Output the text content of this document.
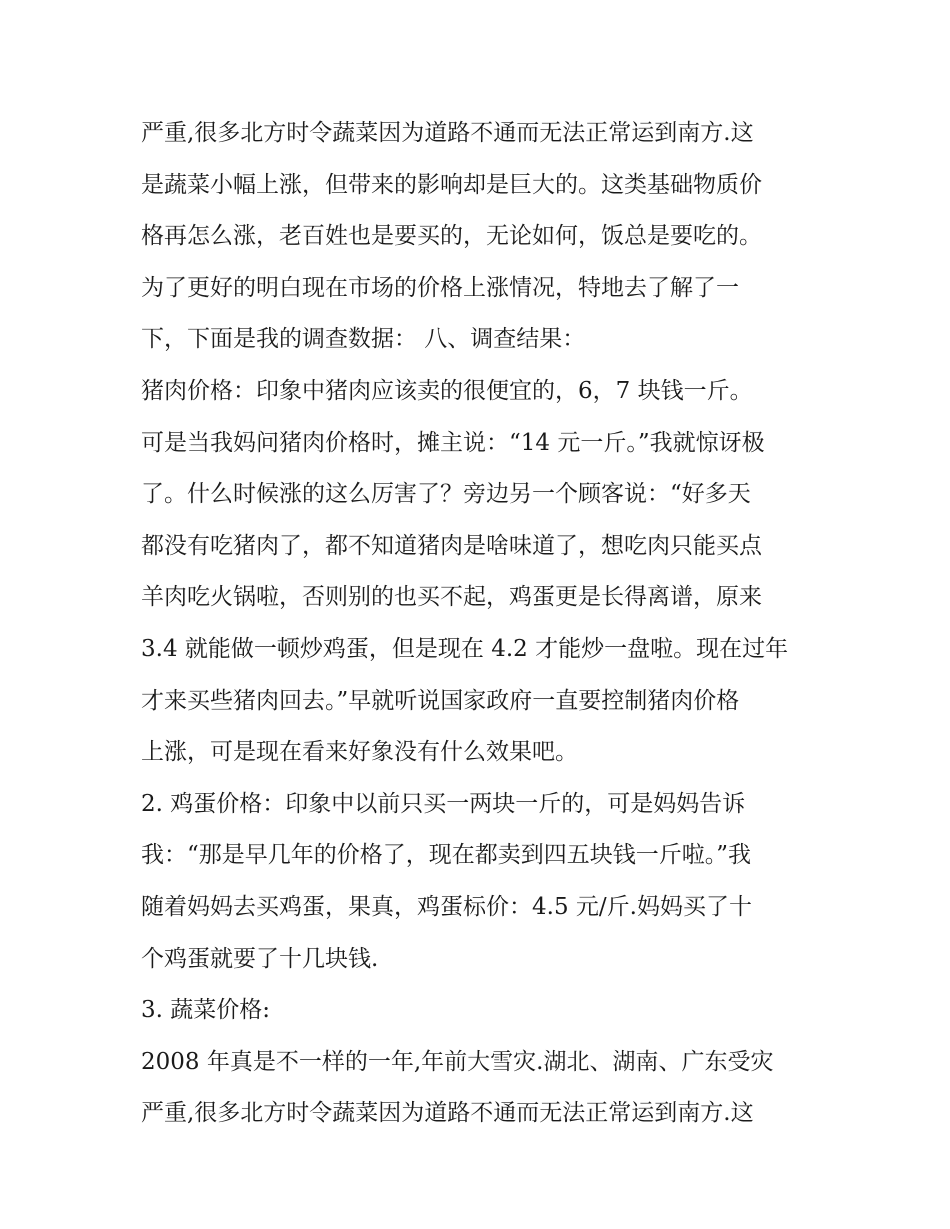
严重,很多北方时令蔬菜因为道路不通而无法正常运到南方.这
是蔬菜小幅上涨，但带来的影响却是巨大的。这类基础物质价
格再怎么涨，老百姓也是要买的，无论如何，饭总是要吃的。
为了更好的明白现在市场的价格上涨情况，特地去了解了一
下，下面是我的调查数据： 八、调查结果：
猪肉价格：印象中猪肉应该卖的很便宜的，6，7 块钱一斤。
可是当我妈问猪肉价格时，摊主说：“14 元一斤。”我就惊讶极
了。什么时候涨的这么厉害了？旁边另一个顾客说：“好多天
都没有吃猪肉了，都不知道猪肉是啥味道了，想吃肉只能买点
羊肉吃火锅啦，否则别的也买不起，鸡蛋更是长得离谱，原来
3.4 就能做一顿炒鸡蛋，但是现在 4.2 才能炒一盘啦。现在过年
才来买些猪肉回去。”早就听说国家政府一直要控制猪肉价格
上涨，可是现在看来好象没有什么效果吧。
2. 鸡蛋价格：印象中以前只买一两块一斤的，可是妈妈告诉
我：“那是早几年的价格了，现在都卖到四五块钱一斤啦。”我
随着妈妈去买鸡蛋，果真，鸡蛋标价：4.5 元/斤.妈妈买了十
个鸡蛋就要了十几块钱.
3. 蔬菜价格:
2008 年真是不一样的一年,年前大雪灾.湖北、湖南、广东受灾
严重,很多北方时令蔬菜因为道路不通而无法正常运到南方.这
